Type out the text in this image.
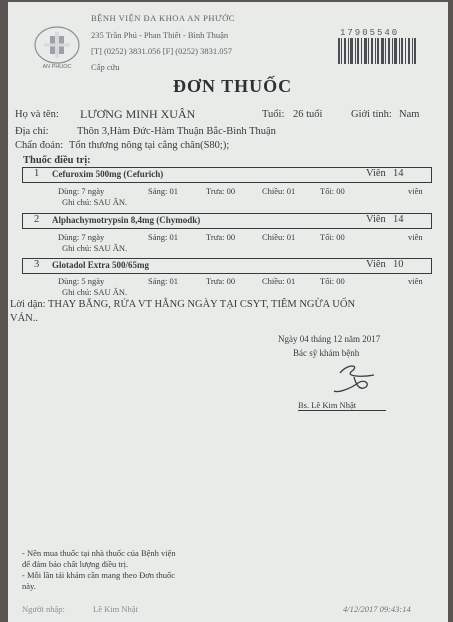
AN PHUOC
BỆNH VIỆN ĐA KHOA AN PHƯỚC
235 Trần Phú - Phan Thiết - Bình Thuận
[T] (0252) 3831.056 [F] (0252) 3831.057
Cấp cứu
17905540
ĐƠN THUỐC
Họ và tên: LƯƠNG MINH XUÂN	Tuổi: 26 tuổi	Giới tính: Nam
Địa chỉ:	Thôn 3,Hàm Đức-Hàm Thuận Bắc-Bình Thuận
Chẩn đoán: Tổn thương nông tại cẳng chân(S80;);
Thuốc điều trị:
1 Cefuroxim 500mg (Cefurich)	Viên 14
Dùng: 7 ngày	Sáng: 01	Trưa: 00	Chiều: 01	Tối: 00	viên
Ghi chú: SAU ĂN.
2 Alphachymotrypsin 8,4mg (Chymodk)	Viên 14
Dùng: 7 ngày	Sáng: 01	Trưa: 00	Chiều: 01	Tối: 00	viên
Ghi chú: SAU ĂN.
3 Glotadol Extra 500/65mg	Viên 10
Dùng: 5 ngày	Sáng: 01	Trưa: 00	Chiều: 01	Tối: 00	viên
Ghi chú: SAU ĂN.
Lời dặn: THAY BĂNG, RỬA VT HẰNG NGÀY TẠI CSYT, TIÊM NGỪA UỐN
VÁN..
Ngày 04 tháng 12 năm 2017
Bác sỹ khám bệnh
Bs. Lê Kim Nhật
- Nên mua thuốc tại nhà thuốc của Bệnh viện
để đảm bảo chất lượng điều trị.
- Mỗi lần tái khám cần mang theo Đơn thuốc
này.
Người nhập:	Lê Kim Nhật	4/12/2017 09:43:14
